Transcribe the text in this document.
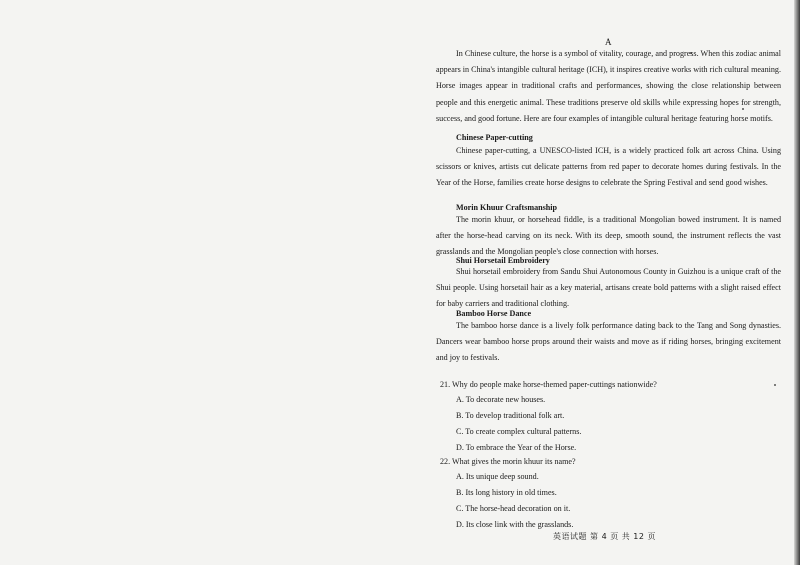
A

In Chinese culture, the horse is a symbol of vitality, courage, and progress. When this zodiac animal appears in China's intangible cultural heritage (ICH), it inspires creative works with rich cultural meaning. Horse images appear in traditional crafts and performances, showing the close relationship between people and this energetic animal. These traditions preserve old skills while expressing hopes for strength, success, and good fortune. Here are four examples of intangible cultural heritage featuring horse motifs.

Chinese Paper-cutting

Chinese paper-cutting, a UNESCO-listed ICH, is a widely practiced folk art across China. Using scissors or knives, artists cut delicate patterns from red paper to decorate homes during festivals. In the Year of the Horse, families create horse designs to celebrate the Spring Festival and send good wishes.

Morin Khuur Craftsmanship

The morin khuur, or horsehead fiddle, is a traditional Mongolian bowed instrument. It is named after the horse-head carving on its neck. With its deep, smooth sound, the instrument reflects the vast grasslands and the Mongolian people's close connection with horses.

Shui Horsetail Embroidery

Shui horsetail embroidery from Sandu Shui Autonomous County in Guizhou is a unique craft of the Shui people. Using horsetail hair as a key material, artisans create bold patterns with a slight raised effect for baby carriers and traditional clothing.

Bamboo Horse Dance

The bamboo horse dance is a lively folk performance dating back to the Tang and Song dynasties. Dancers wear bamboo horse props around their waists and move as if riding horses, bringing excitement and joy to festivals.

21. Why do people make horse-themed paper-cuttings nationwide?
A. To decorate new houses.
B. To develop traditional folk art.
C. To create complex cultural patterns.
D. To embrace the Year of the Horse.
22. What gives the morin khuur its name?
A. Its unique deep sound.
B. Its long history in old times.
C. The horse-head decoration on it.
D. Its close link with the grasslands.
英语试题 第 4 页 共 12 页
